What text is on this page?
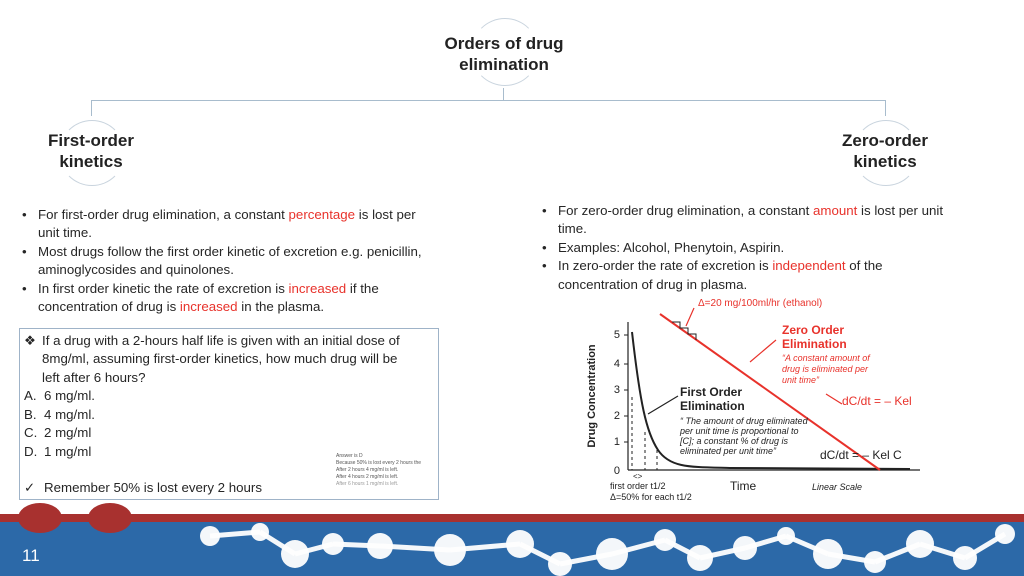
Orders of drug
elimination
First-order
kinetics
Zero-order
kinetics
• For first-order drug elimination, a constant percentage is lost per unit time.
• Most drugs follow the first order kinetic of excretion e.g. penicillin, aminoglycosides and quinolones.
• In first order kinetic the rate of excretion is increased if the concentration of drug is increased in the plasma.
• For zero-order drug elimination, a constant amount is lost per unit time.
• Examples: Alcohol, Phenytoin, Aspirin.
• In zero-order the rate of excretion is independent of the concentration of drug in plasma.
❖ If a drug with a 2-hours half life is given with an initial dose of
8mg/ml, assuming first-order kinetics, how much drug will be
left after 6 hours?
A. 6 mg/ml.
B. 4 mg/ml.
C. 2 mg/ml
D. 1 mg/ml
✓ Remember 50% is lost every 2 hours
Answer is D
Because 50% is lost every 2 hours the
After 2 hours 4 mg/ml is left.
After 4 hours 2 mg/ml is left.
After 6 hours 1 mg/ml is left.
Drug Concentration
0
1
2
3
4
5
Δ=20 mg/100ml/hr (ethanol)
Zero Order
Elimination
“A constant amount of
drug is eliminated per
unit time”
First Order
Elimination
“ The amount of drug eliminated
per unit time is proportional to
[C]; a constant % of drug is
eliminated per unit time”
dC/dt = – Kel
dC/dt = – Kel C
Time	Linear Scale
<>
first order t1/2
Δ=50% for each t1/2
11
